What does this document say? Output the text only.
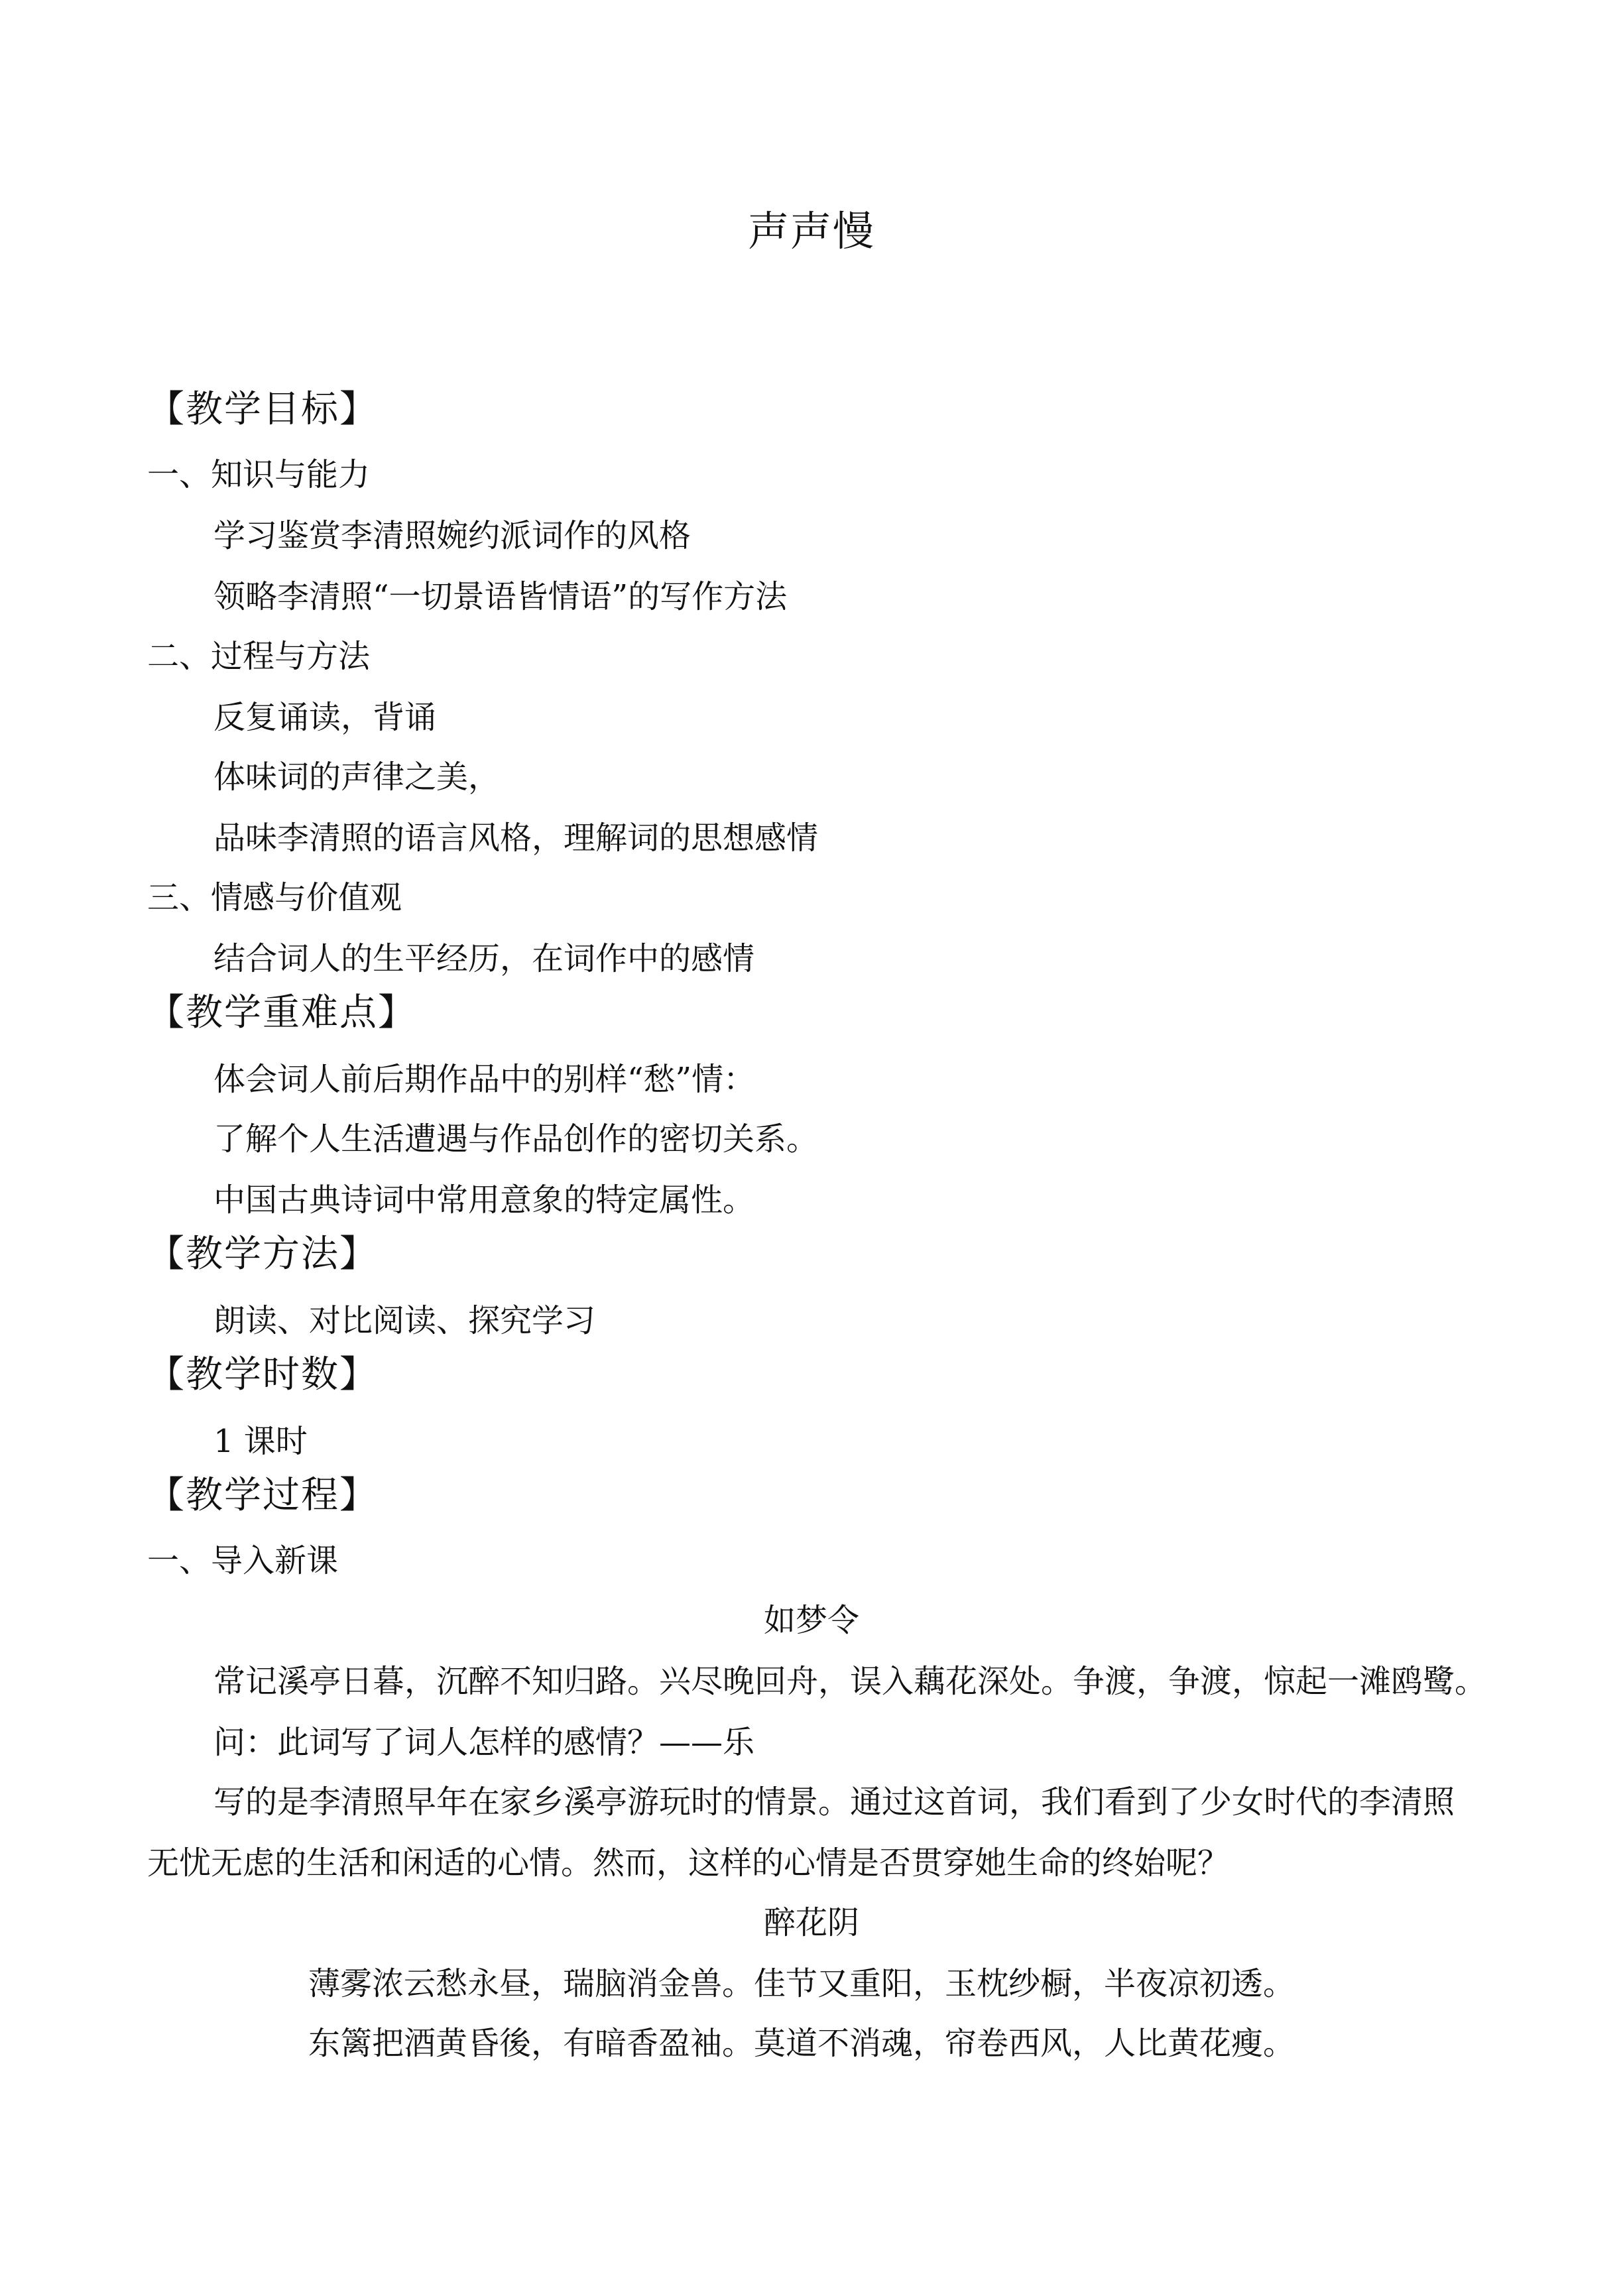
声声慢
【教学目标】
一、知识与能力
学习鉴赏李清照婉约派词作的风格
领略李清照“一切景语皆情语”的写作方法
二、过程与方法
反复诵读，背诵
体味词的声律之美，
品味李清照的语言风格，理解词的思想感情
三、情感与价值观
结合词人的生平经历，在词作中的感情
【教学重难点】
体会词人前后期作品中的别样“愁”情：
了解个人生活遭遇与作品创作的密切关系。
中国古典诗词中常用意象的特定属性。
【教学方法】
朗读、对比阅读、探究学习
【教学时数】
1 课时
【教学过程】
一、导入新课
如梦令
常记溪亭日暮，沉醉不知归路。兴尽晚回舟，误入藕花深处。争渡，争渡，惊起一滩鸥鹭。
问：此词写了词人怎样的感情？——乐
写的是李清照早年在家乡溪亭游玩时的情景。通过这首词，我们看到了少女时代的李清照
无忧无虑的生活和闲适的心情。然而，这样的心情是否贯穿她生命的终始呢？
醉花阴
薄雾浓云愁永昼，瑞脑消金兽。佳节又重阳，玉枕纱橱，半夜凉初透。
东篱把酒黄昏後，有暗香盈袖。莫道不消魂，帘卷西风，人比黄花瘦。
